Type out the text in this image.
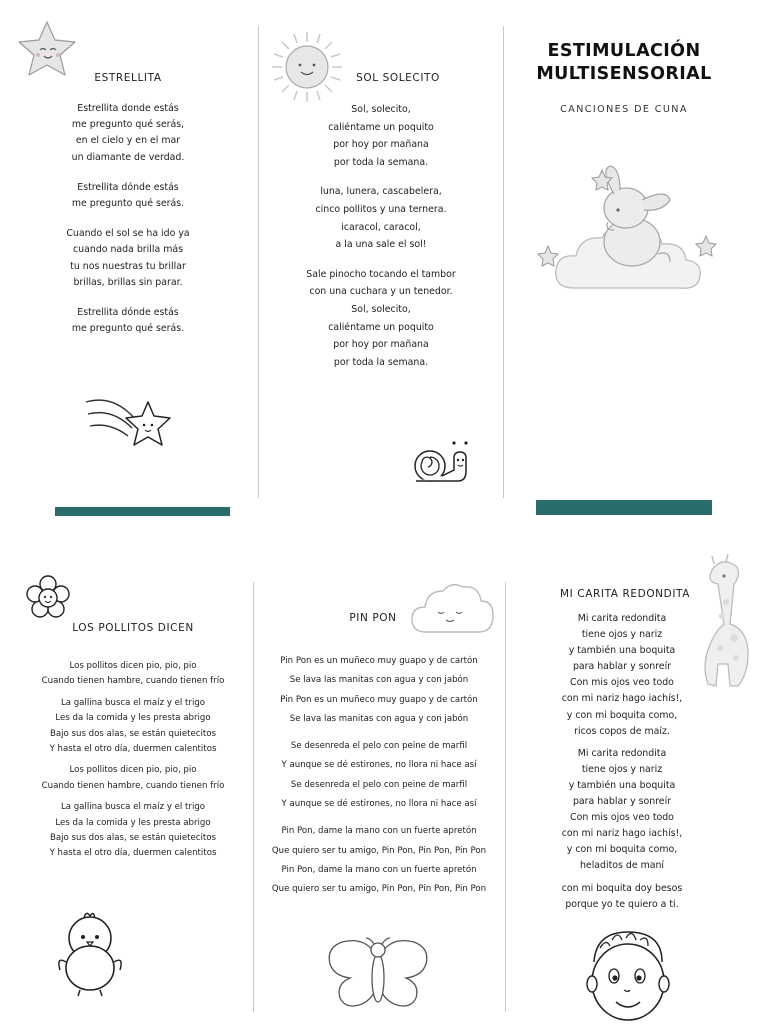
ESTRELLITA

Estrellita donde estás

me pregunto qué serás,

en el cielo y en el mar

un diamante de verdad.

Estrellita dónde estás

me pregunto qué serás.

Cuando el sol se ha ido ya

cuando nada brilla más

tu nos nuestras tu brillar

brillas, brillas sin parar.

Estrellita dónde estás

me pregunto qué serás.

SOL SOLECITO

Sol, solecito,

caliéntame un poquito

por hoy por mañana

por toda la semana.

luna, lunera, cascabelera,

cinco pollitos y una ternera.

icaracol, caracol,

a la una sale el sol!

Sale pinocho tocando el tambor

con una cuchara y un tenedor.

Sol, solecito,

caliéntame un poquito

por hoy por mañana

por toda la semana.

ESTIMULACIÓN
MULTISENSORIAL
CANCIONES DE CUNA
LOS POLLITOS DICEN

Los pollitos dicen pio, pio, pio

Cuando tienen hambre, cuando tienen frío

La gallina busca el maíz y el trigo

Les da la comida y les presta abrigo

Bajo sus dos alas, se están quietecitos

Y hasta el otro día, duermen calentitos

Los pollitos dicen pio, pio, pio

Cuando tienen hambre, cuando tienen frío

La gallina busca el maíz y el trigo

Les da la comida y les presta abrigo

Bajo sus dos alas, se están quietecitos

Y hasta el otro día, duermen calentitos

PIN PON

Pin Pon es un muñeco muy guapo y de cartón

Se lava las manitas con agua y con jabón

Pin Pon es un muñeco muy guapo y de cartón

Se lava las manitas con agua y con jabón

Se desenreda el pelo con peine de marfil

Y aunque se dé estirones, no llora ni hace así

Se desenreda el pelo con peine de marfil

Y aunque se dé estirones, no llora ni hace así

Pin Pon, dame la mano con un fuerte apretón

Que quiero ser tu amigo, Pin Pon, Pin Pon, Pin Pon

Pin Pon, dame la mano con un fuerte apretón

Que quiero ser tu amigo, Pin Pon, Pin Pon, Pin Pon

MI CARITA REDONDITA

Mi carita redondita

tiene ojos y nariz

y también una boquita

para hablar y sonreír

Con mis ojos veo todo

con mi nariz hago iachís!,

y con mi boquita como,

ricos copos de maíz.

Mi carita redondita

tiene ojos y nariz

y también una boquita

para hablar y sonreír

Con mis ojos veo todo

con mi nariz hago iachís!,

y con mi boquita como,

heladitos de maní

con mi boquita doy besos

porque yo te quiero a ti.
